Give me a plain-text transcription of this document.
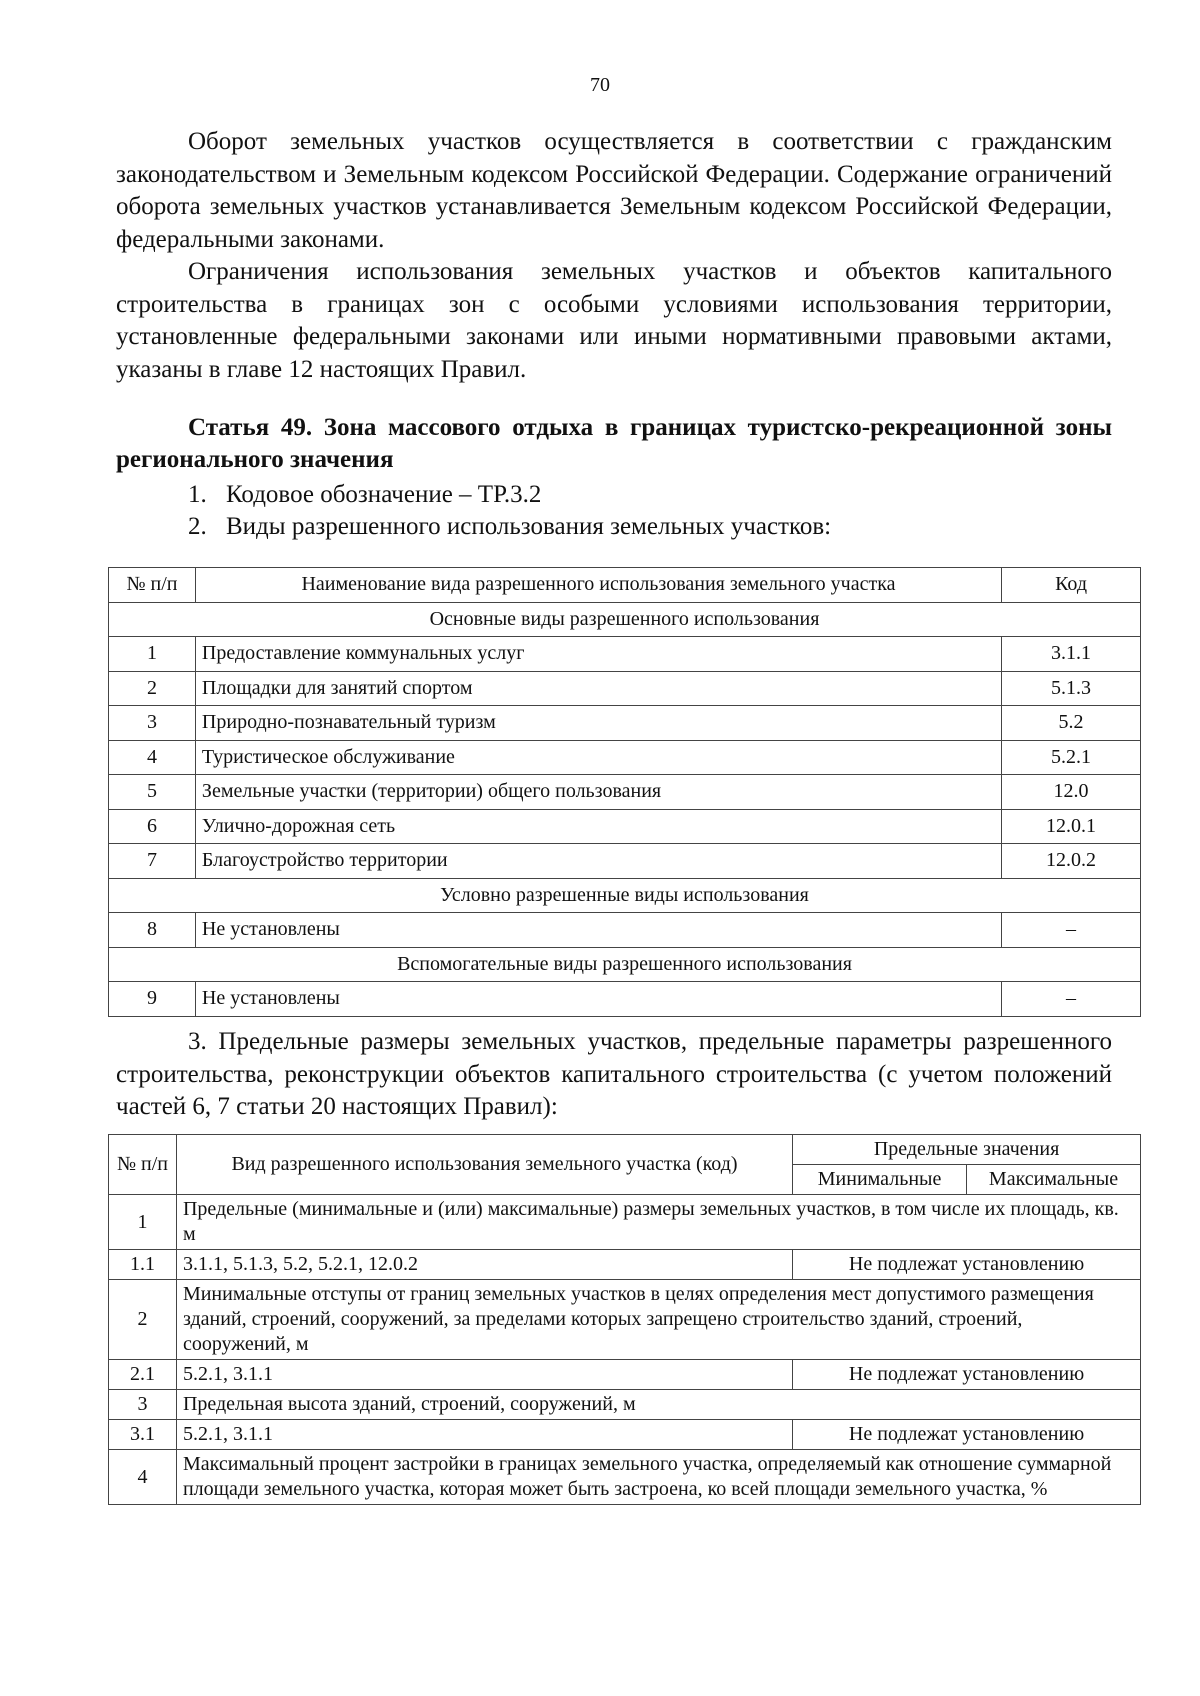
70

Оборот земельных участков осуществляется в соответствии с гражданским законодательством и Земельным кодексом Российской Федерации. Содержание ограничений оборота земельных участков устанавливается Земельным кодексом Российской Федерации, федеральными законами.

Ограничения использования земельных участков и объектов капитального строительства в границах зон с особыми условиями использования территории, установленные федеральными законами или иными нормативными правовыми актами, указаны в главе 12 настоящих Правил.

Статья 49. Зона массового отдыха в границах туристско-рекреационной зоны регионального значения

1. Кодовое обозначение – ТР.3.2

2. Виды разрешенного использования земельных участков:

№ п/п	Наименование вида разрешенного использования земельного участка	Код
Основные виды разрешенного использования		
1	Предоставление коммунальных услуг	3.1.1
2	Площадки для занятий спортом	5.1.3
3	Природно-познавательный туризм	5.2
4	Туристическое обслуживание	5.2.1
5	Земельные участки (территории) общего пользования	12.0
6	Улично-дорожная сеть	12.0.1
7	Благоустройство территории	12.0.2
Условно разрешенные виды использования		
8	Не установлены	–
Вспомогательные виды разрешенного использования		
9	Не установлены	–

3. Предельные размеры земельных участков, предельные параметры разрешенного строительства, реконструкции объектов капитального строительства (с учетом положений частей 6, 7 статьи 20 настоящих Правил):

№ п/п	Вид разрешенного использования земельного участка (код)	Предельные значения	
		Минимальные	Максимальные
1	Предельные (минимальные и (или) максимальные) размеры земельных участков, в том числе их площадь, кв. м		
1.1	3.1.1, 5.1.3, 5.2, 5.2.1, 12.0.2	Не подлежат установлению	
2	Минимальные отступы от границ земельных участков в целях определения мест допустимого размещения зданий, строений, сооружений, за пределами которых запрещено строительство зданий, строений, сооружений, м		
2.1	5.2.1, 3.1.1	Не подлежат установлению	
3	Предельная высота зданий, строений, сооружений, м		
3.1	5.2.1, 3.1.1	Не подлежат установлению	
4	Максимальный процент застройки в границах земельного участка, определяемый как отношение суммарной площади земельного участка, которая может быть застроена, ко всей площади земельного участка, %		
